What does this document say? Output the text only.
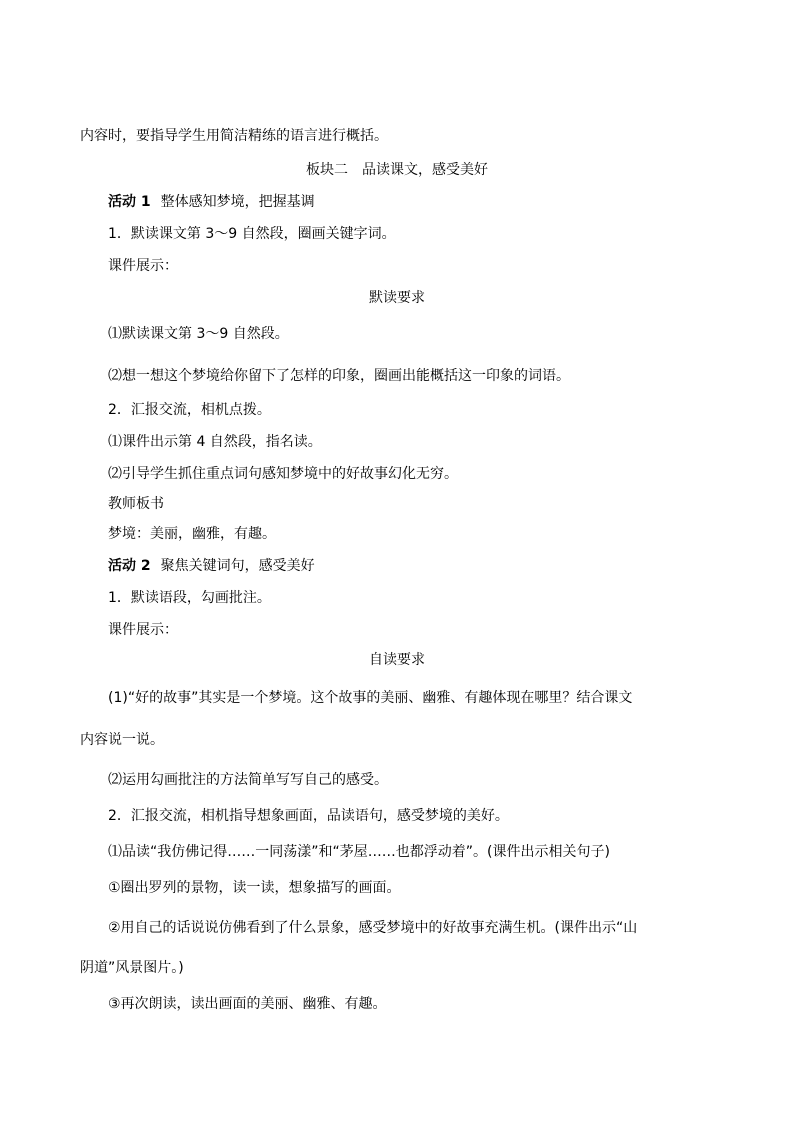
内容时，要指导学生用简洁精练的语言进行概括。
板块二 品读课文，感受美好
活动 1 整体感知梦境，把握基调
1．默读课文第 3～9 自然段，圈画关键字词。
课件展示：
默读要求
⑴默读课文第 3～9 自然段。
⑵想一想这个梦境给你留下了怎样的印象，圈画出能概括这一印象的词语。
2．汇报交流，相机点拨。
⑴课件出示第 4 自然段，指名读。
⑵引导学生抓住重点词句感知梦境中的好故事幻化无穷。
教师板书
梦境：美丽，幽雅，有趣。
活动 2 聚焦关键词句，感受美好
1．默读语段，勾画批注。
课件展示：
自读要求
(1)“好的故事”其实是一个梦境。这个故事的美丽、幽雅、有趣体现在哪里？结合课文
内容说一说。
⑵运用勾画批注的方法简单写写自己的感受。
2．汇报交流，相机指导想象画面，品读语句，感受梦境的美好。
⑴品读“我仿佛记得……一同荡漾”和“茅屋……也都浮动着”。(课件出示相关句子)
①圈出罗列的景物，读一读，想象描写的画面。
②用自己的话说说仿佛看到了什么景象，感受梦境中的好故事充满生机。(课件出示“山
阴道”风景图片。)
③再次朗读，读出画面的美丽、幽雅、有趣。
